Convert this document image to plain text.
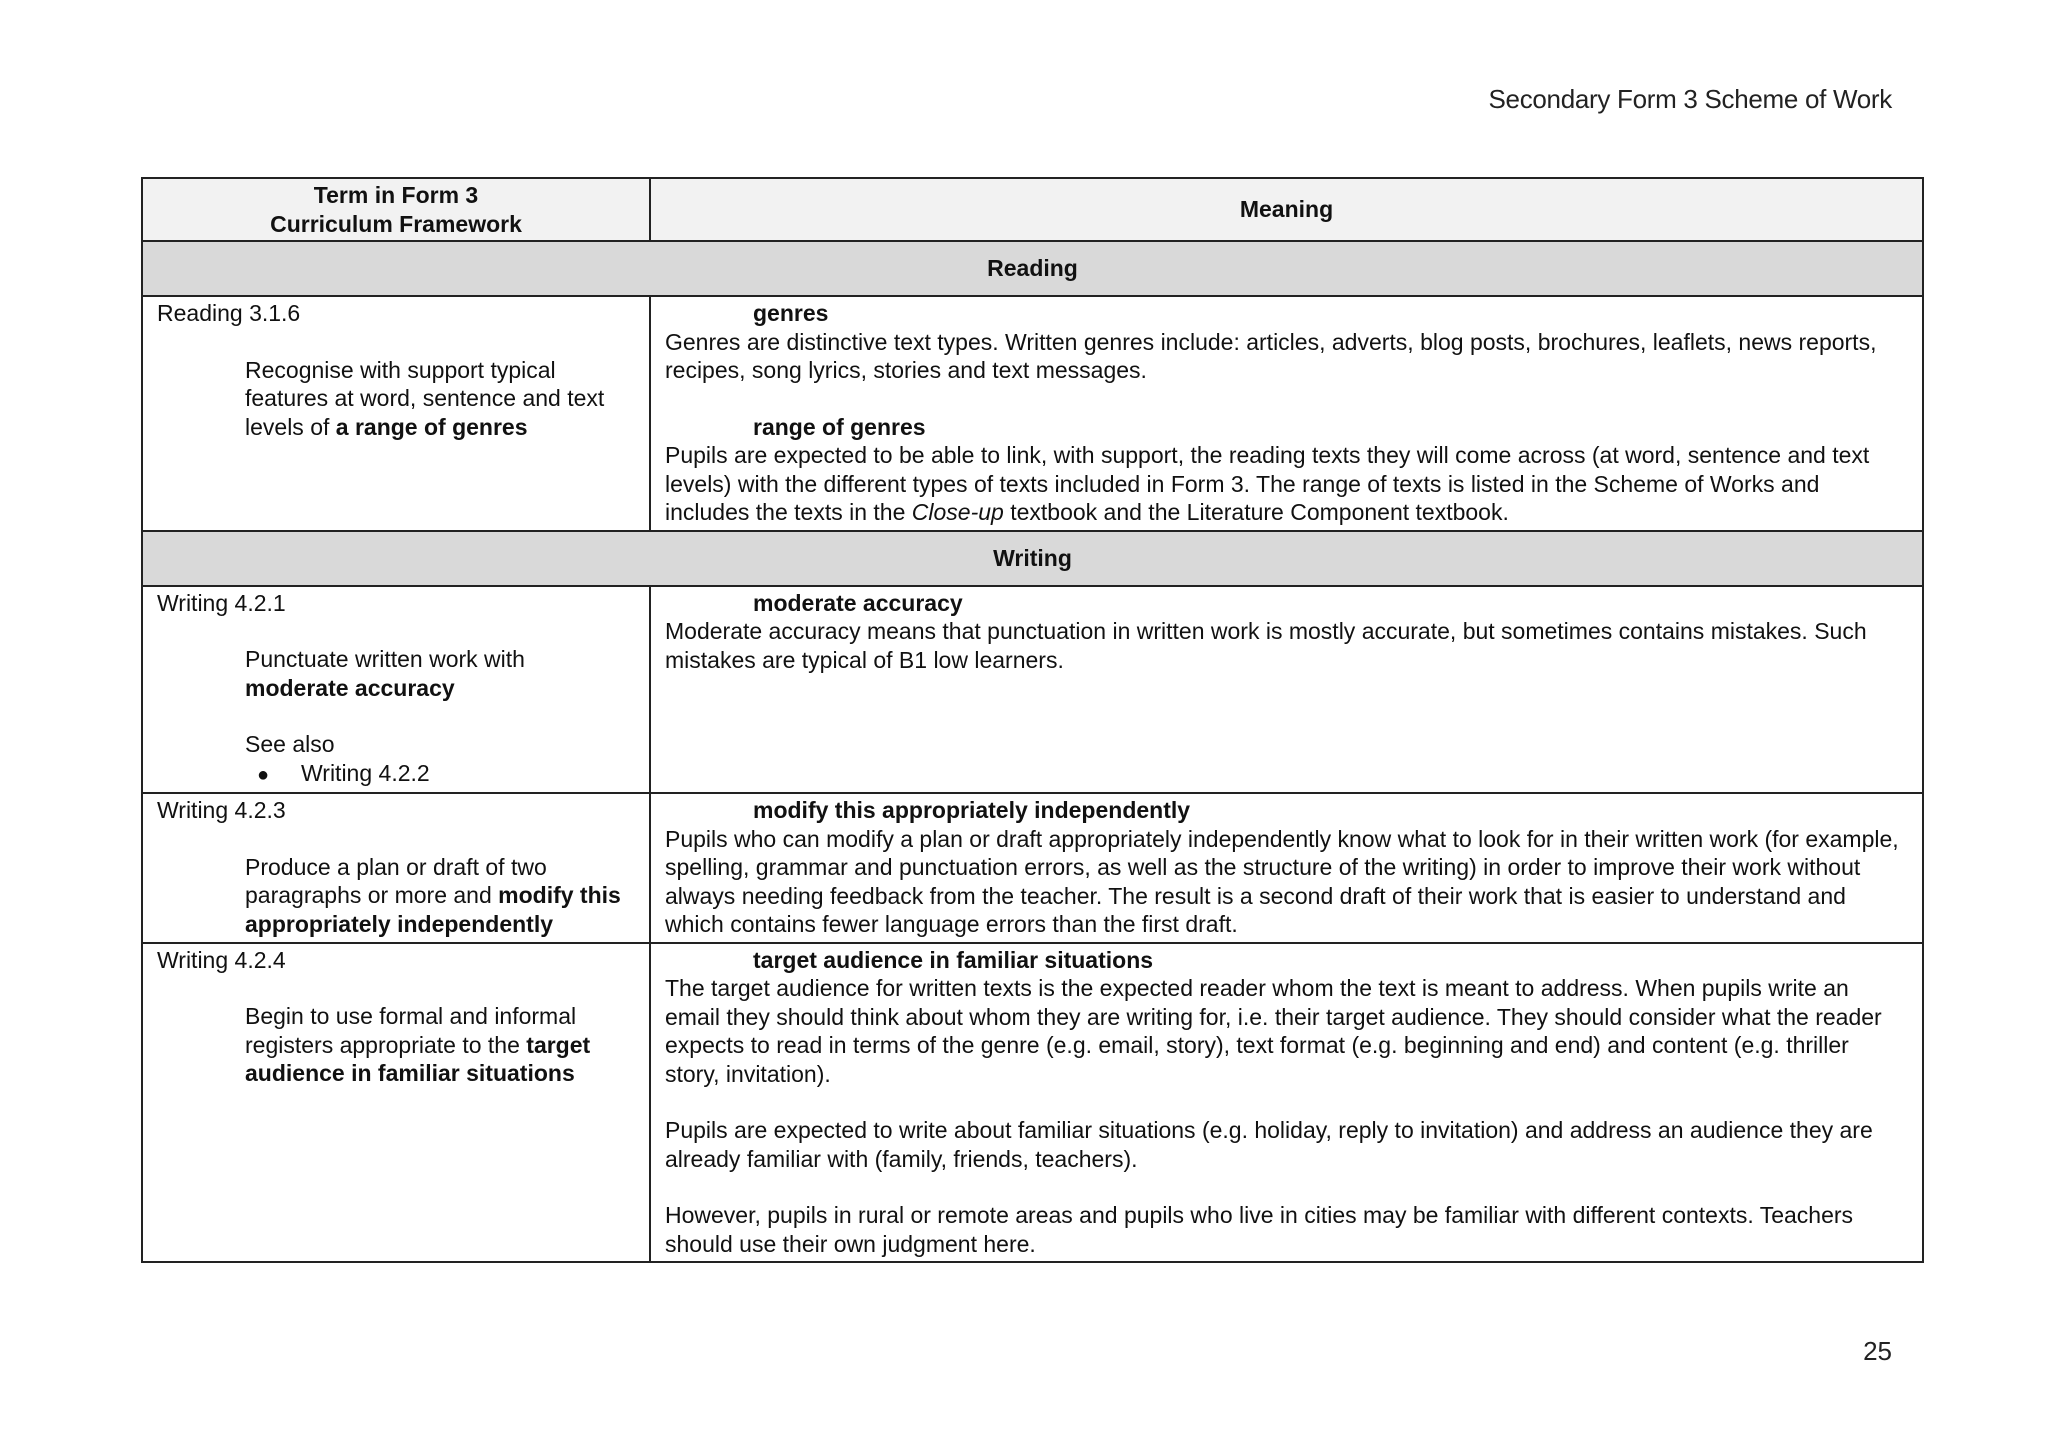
Secondary Form 3 Scheme of Work
Term in Form 3
Curriculum Framework	Meaning
Reading	

Reading 3.1.6
Recognise with support typical features at word, sentence and text levels of a range of genres	genres
Genres are distinctive text types. Written genres include: articles, adverts, blog posts, brochures, leaflets, news reports, recipes, song lyrics, stories and text messages.
range of genres
Pupils are expected to be able to link, with support, the reading texts they will come across (at word, sentence and text levels) with the different types of texts included in Form 3. The range of texts is listed in the Scheme of Works and includes the texts in the Close-up textbook and the Literature Component textbook.

Writing	

Writing 4.2.1
Punctuate written work with
moderate accuracy
See also
● Writing 4.2.2	moderate accuracy
Moderate accuracy means that punctuation in written work is mostly accurate, but sometimes contains mistakes. Such mistakes are typical of B1 low learners.

Writing 4.2.3
Produce a plan or draft of two paragraphs or more and modify this appropriately independently	modify this appropriately independently
Pupils who can modify a plan or draft appropriately independently know what to look for in their written work (for example, spelling, grammar and punctuation errors, as well as the structure of the writing) in order to improve their work without always needing feedback from the teacher. The result is a second draft of their work that is easier to understand and which contains fewer language errors than the first draft.

Writing 4.2.4
Begin to use formal and informal registers appropriate to the target audience in familiar situations	target audience in familiar situations
The target audience for written texts is the expected reader whom the text is meant to address. When pupils write an email they should think about whom they are writing for, i.e. their target audience. They should consider what the reader expects to read in terms of the genre (e.g. email, story), text format (e.g. beginning and end) and content (e.g. thriller story, invitation).
Pupils are expected to write about familiar situations (e.g. holiday, reply to invitation) and address an audience they are already familiar with (family, friends, teachers).
However, pupils in rural or remote areas and pupils who live in cities may be familiar with different contexts. Teachers should use their own judgment here.
25
